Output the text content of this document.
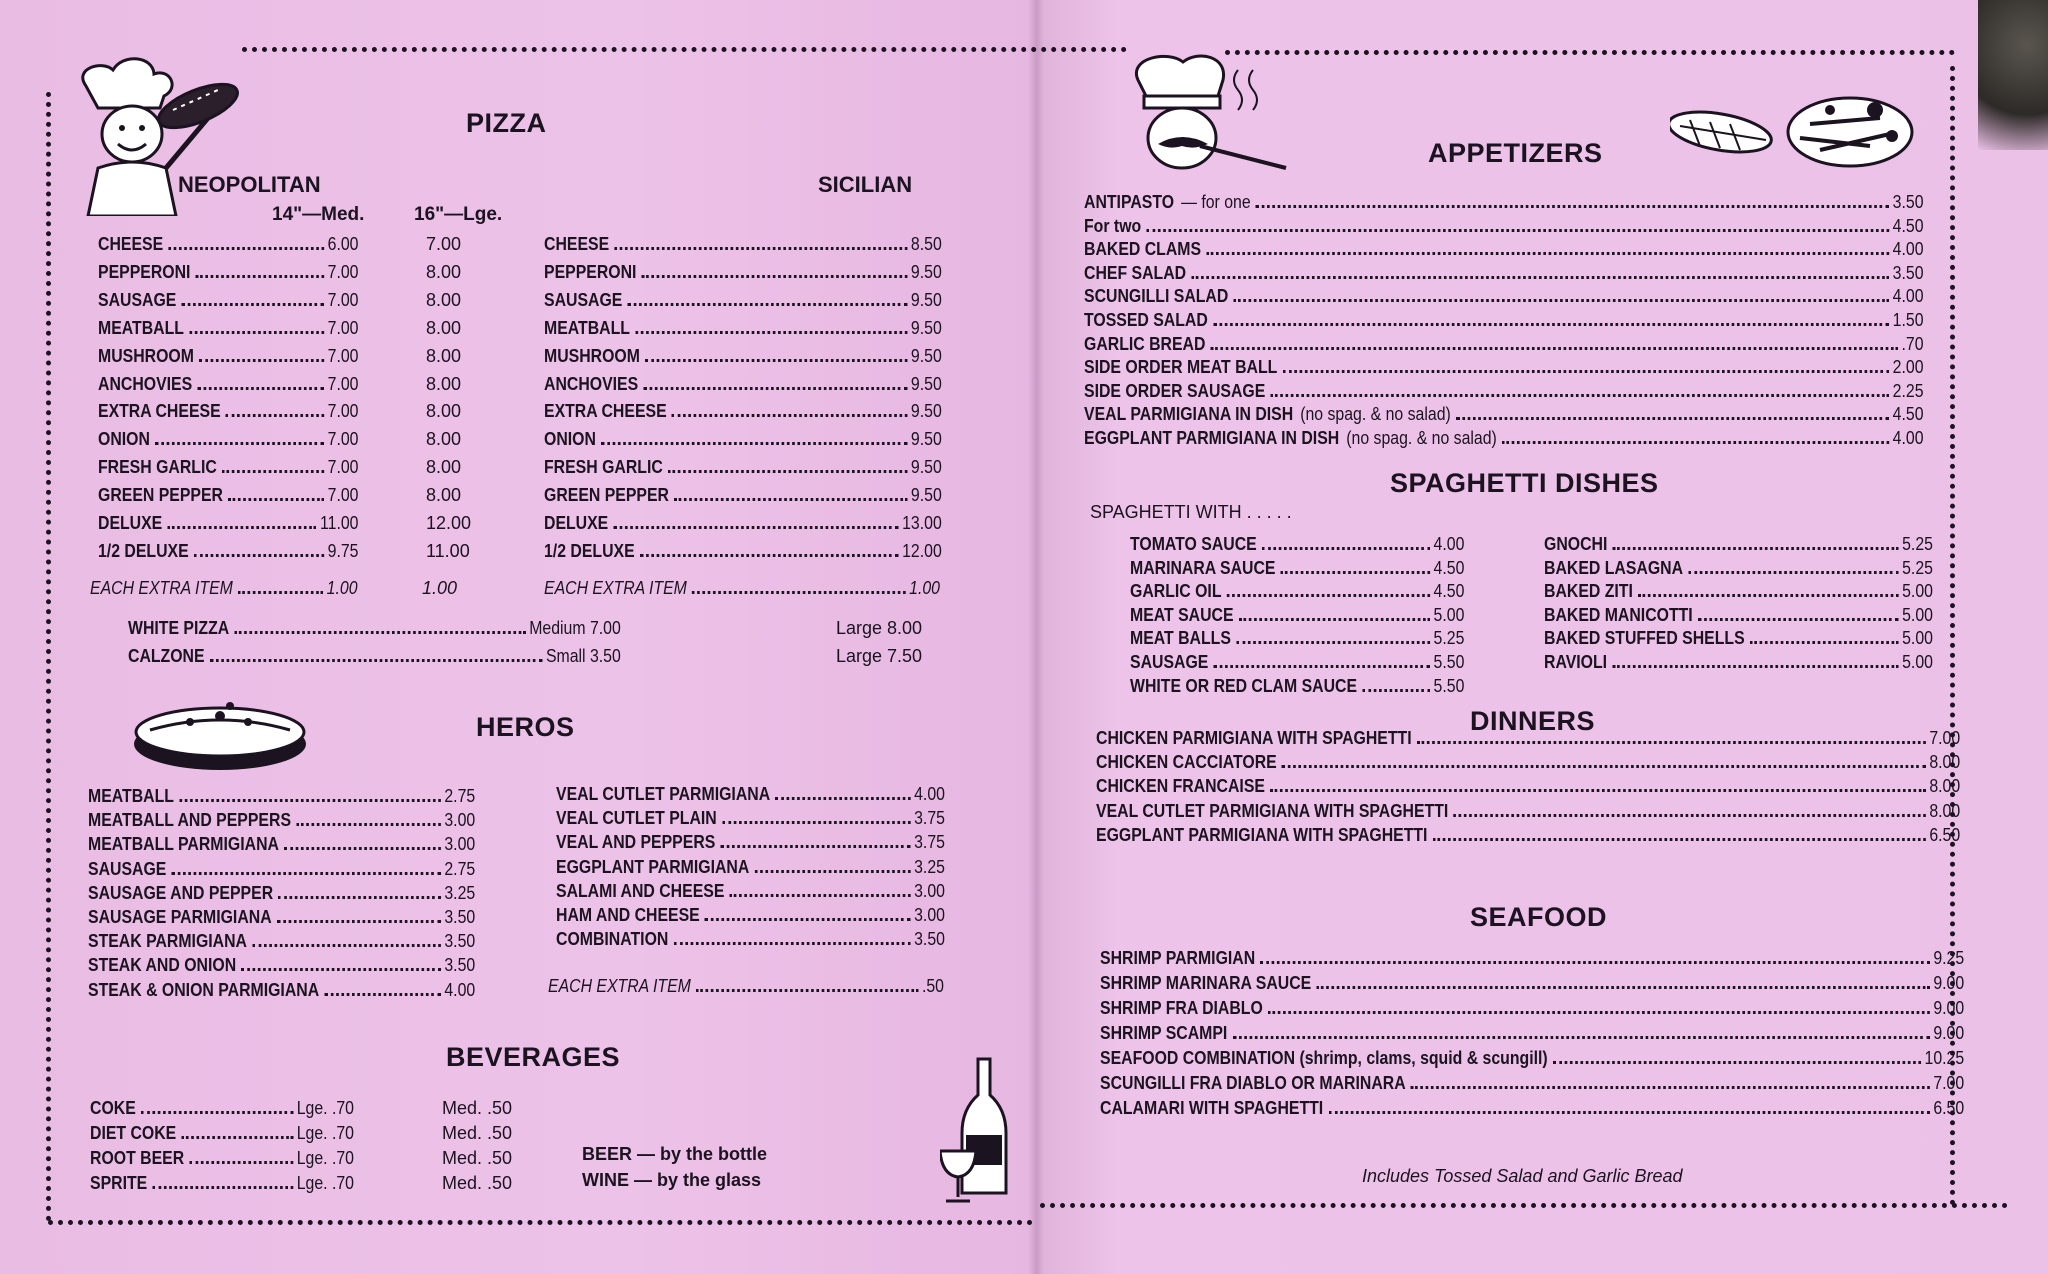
PIZZA
NEOPOLITAN	SICILIAN
14"—Med.	16"—Lge.
CHEESE	6.00	7.00
PEPPERONI	7.00	8.00
SAUSAGE	7.00	8.00
MEATBALL	7.00	8.00
MUSHROOM	7.00	8.00
ANCHOVIES	7.00	8.00
EXTRA CHEESE	7.00	8.00
ONION	7.00	8.00
FRESH GARLIC	7.00	8.00
GREEN PEPPER	7.00	8.00
DELUXE	11.00	12.00
1/2 DELUXE	9.75	11.00
CHEESE	8.50
PEPPERONI	9.50
SAUSAGE	9.50
MEATBALL	9.50
MUSHROOM	9.50
ANCHOVIES	9.50
EXTRA CHEESE	9.50
ONION	9.50
FRESH GARLIC	9.50
GREEN PEPPER	9.50
DELUXE	13.00
1/2 DELUXE	12.00
EACH EXTRA ITEM	1.00	1.00	EACH EXTRA ITEM	1.00
WHITE PIZZA	Medium 7.00	Large 8.00
CALZONE	Small 3.50	Large 7.50
HEROS
MEATBALL	2.75
MEATBALL AND PEPPERS	3.00
MEATBALL PARMIGIANA	3.00
SAUSAGE	2.75
SAUSAGE AND PEPPER	3.25
SAUSAGE PARMIGIANA	3.50
STEAK PARMIGIANA	3.50
STEAK AND ONION	3.50
STEAK & ONION PARMIGIANA	4.00
VEAL CUTLET PARMIGIANA	4.00
VEAL CUTLET PLAIN	3.75
VEAL AND PEPPERS	3.75
EGGPLANT PARMIGIANA	3.25
SALAMI AND CHEESE	3.00
HAM AND CHEESE	3.00
COMBINATION	3.50
EACH EXTRA ITEM	.50
BEVERAGES
COKE	Lge. .70	Med. .50
DIET COKE	Lge. .70	Med. .50
ROOT BEER	Lge. .70	Med. .50
SPRITE	Lge. .70	Med. .50
BEER — by the bottle
WINE — by the glass
APPETIZERS
ANTIPASTO — for one	3.50
For two	4.50
BAKED CLAMS	4.00
CHEF SALAD	3.50
SCUNGILLI SALAD	4.00
TOSSED SALAD	1.50
GARLIC BREAD	.70
SIDE ORDER MEAT BALL	2.00
SIDE ORDER SAUSAGE	2.25
VEAL PARMIGIANA IN DISH (no spag. & no salad)	4.50
EGGPLANT PARMIGIANA IN DISH (no spag. & no salad)	4.00
SPAGHETTI DISHES
SPAGHETTI WITH . . . . .
TOMATO SAUCE	4.00
MARINARA SAUCE	4.50
GARLIC OIL	4.50
MEAT SAUCE	5.00
MEAT BALLS	5.25
SAUSAGE	5.50
WHITE OR RED CLAM SAUCE	5.50
GNOCHI	5.25
BAKED LASAGNA	5.25
BAKED ZITI	5.00
BAKED MANICOTTI	5.00
BAKED STUFFED SHELLS	5.00
RAVIOLI	5.00
DINNERS
CHICKEN PARMIGIANA WITH SPAGHETTI	7.00
CHICKEN CACCIATORE	8.00
CHICKEN FRANCAISE	8.00
VEAL CUTLET PARMIGIANA WITH SPAGHETTI	8.00
EGGPLANT PARMIGIANA WITH SPAGHETTI	6.50
SEAFOOD
SHRIMP PARMIGIAN	9.25
SHRIMP MARINARA SAUCE	9.00
SHRIMP FRA DIABLO	9.00
SHRIMP SCAMPI	9.00
SEAFOOD COMBINATION (shrimp, clams, squid & scungill)	10.25
SCUNGILLI FRA DIABLO OR MARINARA	7.00
CALAMARI WITH SPAGHETTI	6.50
Includes Tossed Salad and Garlic Bread
